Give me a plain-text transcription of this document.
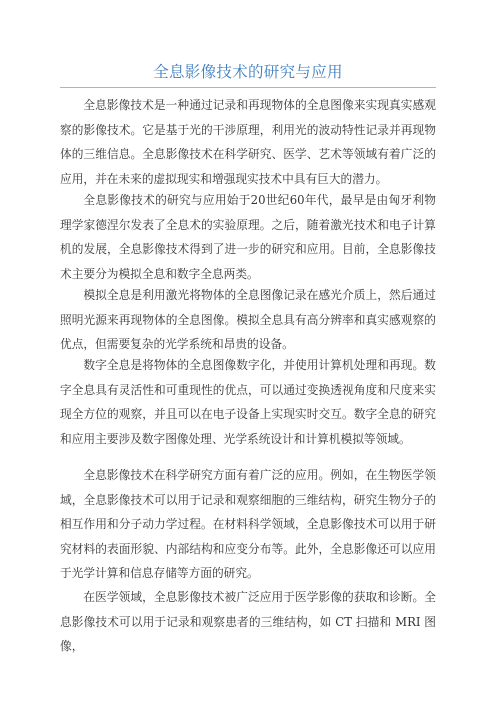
全息影像技术的研究与应用

全息影像技术是一种通过记录和再现物体的全息图像来实现真实感观察的影像技术。它是基于光的干涉原理，利用光的波动特性记录并再现物体的三维信息。全息影像技术在科学研究、医学、艺术等领域有着广泛的应用，并在未来的虚拟现实和增强现实技术中具有巨大的潜力。

全息影像技术的研究与应用始于20世纪60年代，最早是由匈牙利物理学家德涅尔发表了全息术的实验原理。之后，随着激光技术和电子计算机的发展，全息影像技术得到了进一步的研究和应用。目前，全息影像技术主要分为模拟全息和数字全息两类。

模拟全息是利用激光将物体的全息图像记录在感光介质上，然后通过照明光源来再现物体的全息图像。模拟全息具有高分辨率和真实感观察的优点，但需要复杂的光学系统和昂贵的设备。

数字全息是将物体的全息图像数字化，并使用计算机处理和再现。数字全息具有灵活性和可重现性的优点，可以通过变换透视角度和尺度来实现全方位的观察，并且可以在电子设备上实现实时交互。数字全息的研究和应用主要涉及数字图像处理、光学系统设计和计算机模拟等领域。

全息影像技术在科学研究方面有着广泛的应用。例如，在生物医学领域，全息影像技术可以用于记录和观察细胞的三维结构，研究生物分子的相互作用和分子动力学过程。在材料科学领域，全息影像技术可以用于研究材料的表面形貌、内部结构和应变分布等。此外，全息影像还可以应用于光学计算和信息存储等方面的研究。

在医学领域，全息影像技术被广泛应用于医学影像的获取和诊断。全息影像技术可以用于记录和观察患者的三维结构，如 CT 扫描和 MRI 图像，
